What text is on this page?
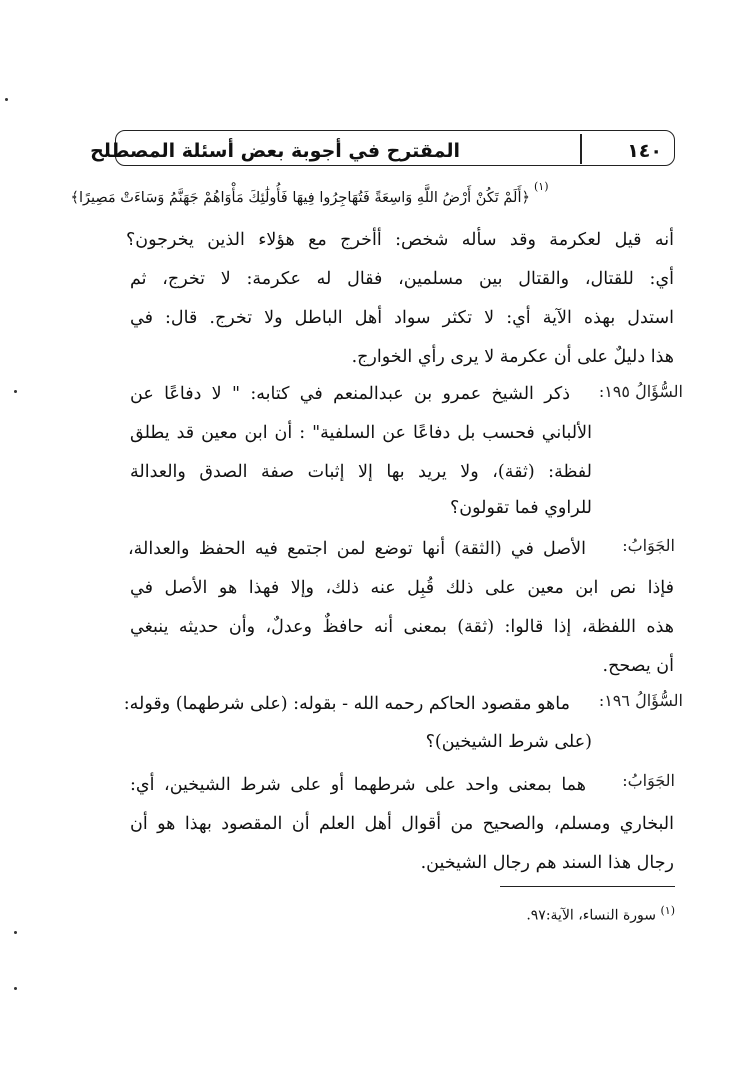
المقترح في أجوبة بعض أسئلة المصطلح	١٤٠
﴿أَلَمْ تَكُنْ أَرْضُ اللَّهِ وَاسِعَةً فَتُهَاجِرُوا فِيهَا فَأُولَٰئِكَ مَأْوَاهُمْ جَهَنَّمُ وَسَاءَتْ مَصِيرًا﴾
(١)
أنه قيل لعكرمة وقد سأله شخص: أأخرج مع هؤلاء الذين يخرجون؟
أي: للقتال، والقتال بين مسلمين، فقال له عكرمة: لا تخرج، ثم
استدل بهذه الآية أي: لا تكثر سواد أهل الباطل ولا تخرج. قال: في
هذا دليلٌ على أن عكرمة لا يرى رأي الخوارج.
السُّؤَالُ ١٩٥:
ذكر الشيخ عمرو بن عبدالمنعم في كتابه: " لا دفاعًا عن
الألباني فحسب بل دفاعًا عن السلفية" : أن ابن معين قد يطلق
لفظة: (ثقة)، ولا يريد بها إلا إثبات صفة الصدق والعدالة
للراوي فما تقولون؟
الجَوَابُ:
الأصل في (الثقة) أنها توضع لمن اجتمع فيه الحفظ والعدالة،
فإذا نص ابن معين على ذلك قُبِل عنه ذلك، وإلا فهذا هو الأصل في
هذه اللفظة، إذا قالوا: (ثقة) بمعنى أنه حافظٌ وعدلٌ، وأن حديثه ينبغي
أن يصحح.
السُّؤَالُ ١٩٦:
ماهو مقصود الحاكم رحمه الله - بقوله: (على شرطهما) وقوله:
(على شرط الشيخين)؟
الجَوَابُ:
هما بمعنى واحد على شرطهما أو على شرط الشيخين، أي:
البخاري ومسلم، والصحيح من أقوال أهل العلم أن المقصود بهذا هو أن
رجال هذا السند هم رجال الشيخين.
$^{(١)}$ سورة النساء، الآية:٩٧.
